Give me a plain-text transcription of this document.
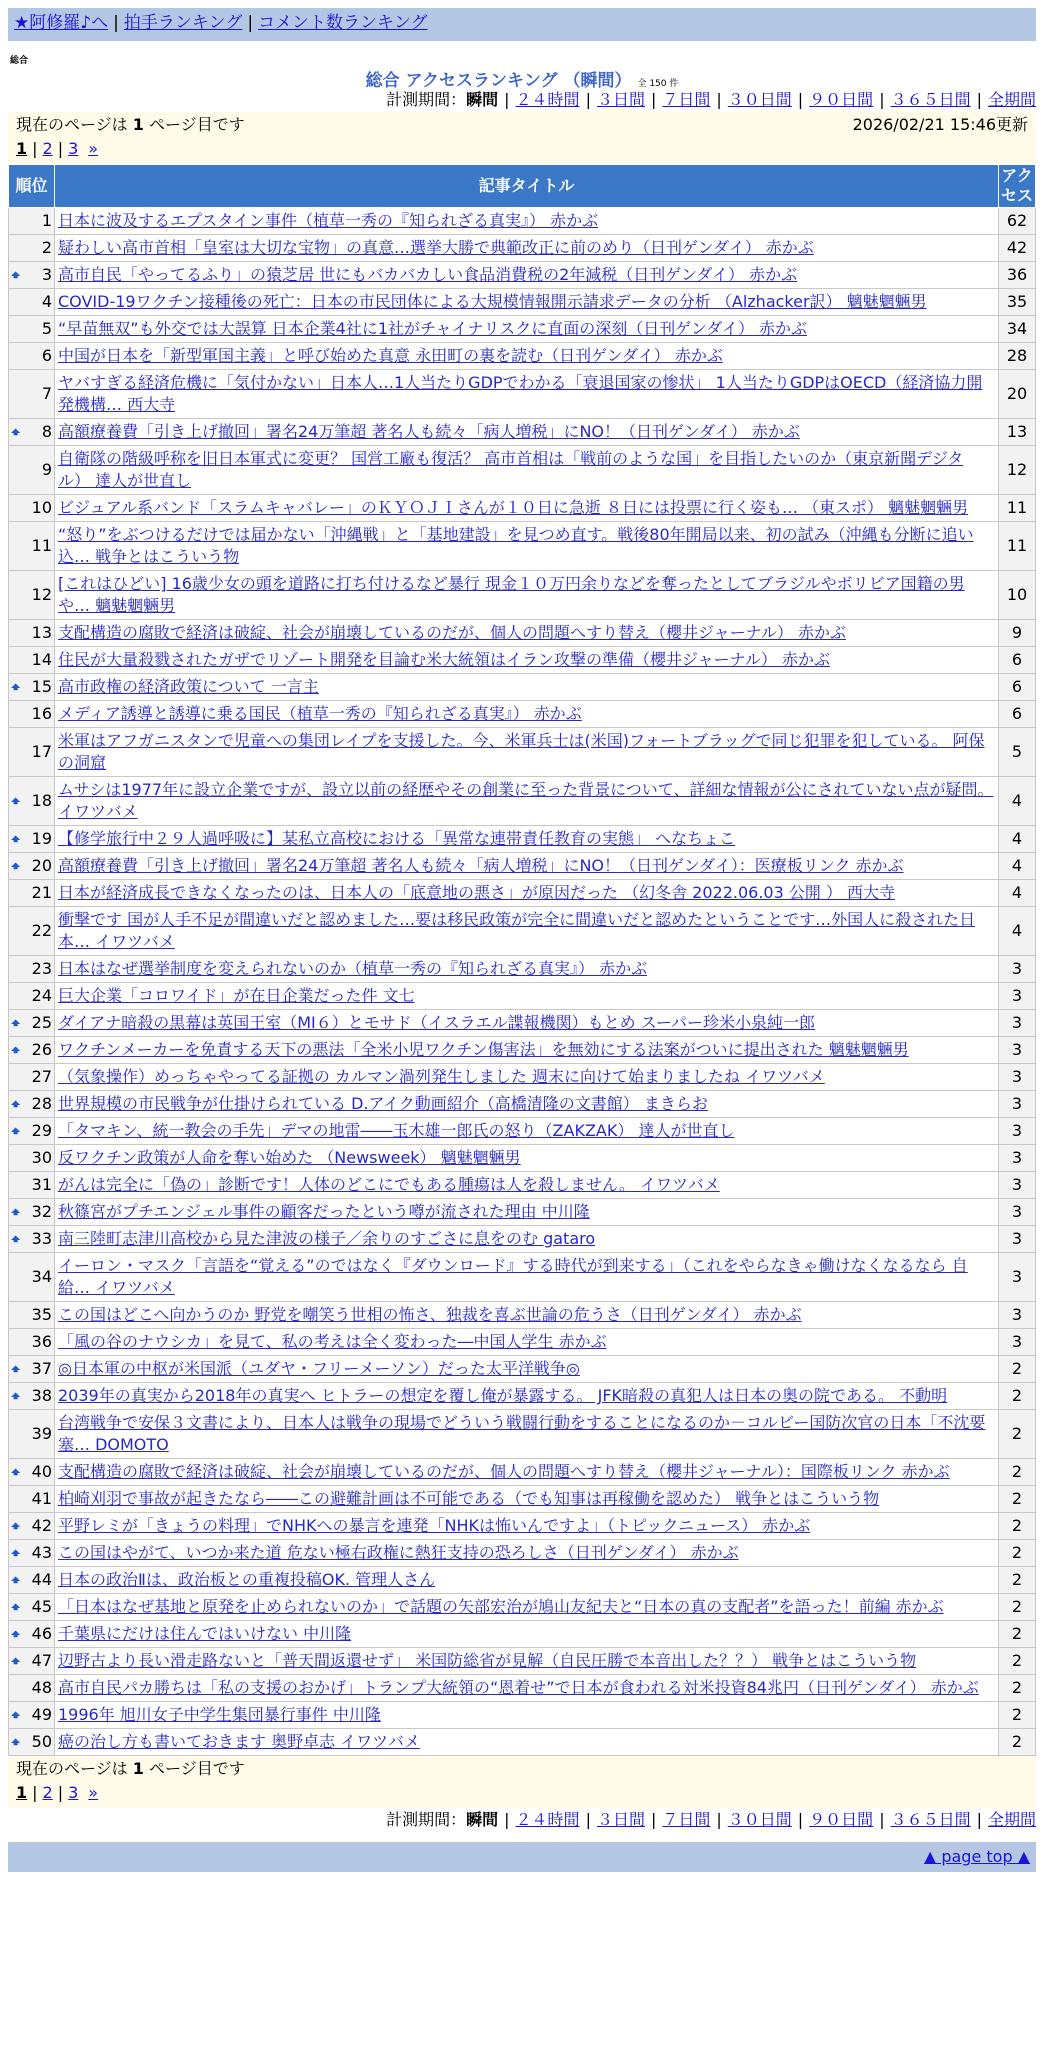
★阿修羅♪へ | 拍手ランキング | コメント数ランキング
総合
総合 アクセスランキング （瞬間） 全 150 件
計測期間：瞬間 | ２４時間 | ３日間 | ７日間 | ３０日間 | ９０日間 | ３６５日間 | 全期間
現在のページは 1 ページ目です	2026/02/21 15:46更新
1 | 2 | 3 »
順位	記事タイトル	アクセス
1	日本に波及するエプスタイン事件（植草一秀の『知られざる真実』） 赤かぶ	62
2	疑わしい高市首相「皇室は大切な宝物」の真意…選挙大勝で典範改正に前のめり（日刊ゲンダイ） 赤かぶ	42

🠹 3	高市自民「やってるふり」の猿芝居 世にもバカバカしい食品消費税の2年減税（日刊ゲンダイ） 赤かぶ	36
4	COVID-19ワクチン接種後の死亡：日本の市民団体による大規模情報開示請求データの分析 （Alzhacker訳） 魑魅魍魎男	35
5	“早苗無双”も外交では大誤算 日本企業4社に1社がチャイナリスクに直面の深刻（日刊ゲンダイ） 赤かぶ	34
6	中国が日本を「新型軍国主義」と呼び始めた真意 永田町の裏を読む（日刊ゲンダイ） 赤かぶ	28
7	ヤバすぎる経済危機に「気付かない」日本人…1人当たりGDPでわかる「衰退国家の惨状」 1人当たりGDPはOECD（経済協力開発機構… 西大寺	20

🠹 8	高額療養費「引き上げ撤回」署名24万筆超 著名人も続々「病人増税」にNO！（日刊ゲンダイ） 赤かぶ	13
9	自衛隊の階級呼称を旧日本軍式に変更？ 国営工廠も復活？ 高市首相は「戦前のような国」を目指したいのか（東京新聞デジタル） 達人が世直し	12
10	ビジュアル系バンド「スラムキャバレー」のＫＹＯＪＩさんが１０日に急逝 ８日には投票に行く姿も… （東スポ） 魑魅魍魎男	11
11	“怒り”をぶつけるだけでは届かない「沖縄戦」と「基地建設」を見つめ直す。戦後80年開局以来、初の試み（沖縄も分断に追い込… 戦争とはこういう物	11
12	[これはひどい] 16歳少女の頭を道路に打ち付けるなど暴行 現金１０万円余りなどを奪ったとしてブラジルやボリビア国籍の男や… 魑魅魍魎男	10
13	支配構造の腐敗で経済は破綻、社会が崩壊しているのだが、個人の問題へすり替え（櫻井ジャーナル） 赤かぶ	9
14	住民が大量殺戮されたガザでリゾート開発を目論む米大統領はイラン攻撃の準備（櫻井ジャーナル） 赤かぶ	6

🠹 15	高市政権の経済政策について 一言主	6
16	メディア誘導と誘導に乗る国民（植草一秀の『知られざる真実』） 赤かぶ	6
17	米軍はアフガニスタンで児童への集団レイプを支援した。今、米軍兵士は(米国)フォートブラッグで同じ犯罪を犯している。 阿保の洞窟	5

🠹 18	ムサシは1977年に設立企業ですが、設立以前の経歴やその創業に至った背景について、詳細な情報が公にされていない点が疑問。 イワツバメ	4

🠹 19	【修学旅行中２９人過呼吸に】某私立高校における「異常な連帯責任教育の実態」 へなちょこ	4

🠹 20	高額療養費「引き上げ撤回」署名24万筆超 著名人も続々「病人増税」にNO！（日刊ゲンダイ）：医療板リンク 赤かぶ	4
21	日本が経済成長できなくなったのは、日本人の「底意地の悪さ」が原因だった （幻冬舎 2022.06.03 公開 ） 西大寺	4
22	衝撃です 国が人手不足が間違いだと認めました…要は移民政策が完全に間違いだと認めたということです…外国人に殺された日本… イワツバメ	4
23	日本はなぜ選挙制度を変えられないのか（植草一秀の『知られざる真実』） 赤かぶ	3
24	巨大企業「コロワイド」が在日企業だった件 文七	3

🠹 25	ダイアナ暗殺の黒幕は英国王室（MI６）とモサド（イスラエル諜報機関）もとめ スーパー珍米小泉純一郎	3

🠹 26	ワクチンメーカーを免責する天下の悪法「全米小児ワクチン傷害法」を無効にする法案がついに提出された 魑魅魍魎男	3
27	（気象操作）めっちゃやってる証拠の カルマン渦列発生しました 週末に向けて始まりましたね イワツバメ	3

🠹 28	世界規模の市民戦争が仕掛けられている D.アイク動画紹介（高橋清隆の文書館） まきらお	3

🠹 29	「タマキン、統一教会の手先」デマの地雷――玉木雄一郎氏の怒り（ZAKZAK） 達人が世直し	3
30	反ワクチン政策が人命を奪い始めた （Newsweek） 魑魅魍魎男	3
31	がんは完全に「偽の」診断です！人体のどこにでもある腫瘍は人を殺しません。 イワツバメ	3

🠹 32	秋篠宮がプチエンジェル事件の顧客だったという噂が流された理由 中川隆	3

🠹 33	南三陸町志津川高校から見た津波の様子／余りのすごさに息をのむ gataro	3
34	イーロン・マスク「言語を“覚える”のではなく『ダウンロード』する時代が到来する」（これをやらなきゃ働けなくなるなら 自給… イワツバメ	3
35	この国はどこへ向かうのか 野党を嘲笑う世相の怖さ、独裁を喜ぶ世論の危うさ（日刊ゲンダイ） 赤かぶ	3
36	「風の谷のナウシカ」を見て、私の考えは全く変わった―中国人学生 赤かぶ	3

🠹 37	◎日本軍の中枢が米国派（ユダヤ・フリーメーソン）だった太平洋戦争◎	2

🠹 38	2039年の真実から2018年の真実へ ヒトラーの想定を覆し俺が暴露する。 JFK暗殺の真犯人は日本の奥の院である。 不動明	2
39	台湾戦争で安保３文書により、日本人は戦争の現場でどういう戦闘行動をすることになるのか－コルビー国防次官の日本「不沈要塞… DOMOTO	2

🠹 40	支配構造の腐敗で経済は破綻、社会が崩壊しているのだが、個人の問題へすり替え（櫻井ジャーナル）：国際板リンク 赤かぶ	2
41	柏崎刈羽で事故が起きたなら――この避難計画は不可能である（でも知事は再稼働を認めた） 戦争とはこういう物	2

🠹 42	平野レミが「きょうの料理」でNHKへの暴言を連発「NHKは怖いんですよ」（トピックニュース） 赤かぶ	2

🠹 43	この国はやがて、いつか来た道 危ない極右政権に熱狂支持の恐ろしさ（日刊ゲンダイ） 赤かぶ	2

🠹 44	日本の政治Ⅱは、政治板との重複投稿OK. 管理人さん	2

🠹 45	「日本はなぜ基地と原発を止められないのか」で話題の矢部宏治が鳩山友紀夫と“日本の真の支配者”を語った！前編 赤かぶ	2

🠹 46	千葉県にだけは住んではいけない 中川隆	2

🠹 47	辺野古より長い滑走路ないと「普天間返還せず」 米国防総省が見解（自民圧勝で本音出した？？） 戦争とはこういう物	2
48	高市自民パカ勝ちは「私の支援のおかげ」トランプ大統領の“恩着せ”で日本が食われる対米投資84兆円（日刊ゲンダイ） 赤かぶ	2

🠹 49	1996年 旭川女子中学生集団暴行事件 中川隆	2

🠹 50	癌の治し方も書いておきます 奥野卓志 イワツバメ	2
現在のページは 1 ページ目です
1 | 2 | 3 »
計測期間：瞬間 | ２４時間 | ３日間 | ７日間 | ３０日間 | ９０日間 | ３６５日間 | 全期間
▲ page top ▲
